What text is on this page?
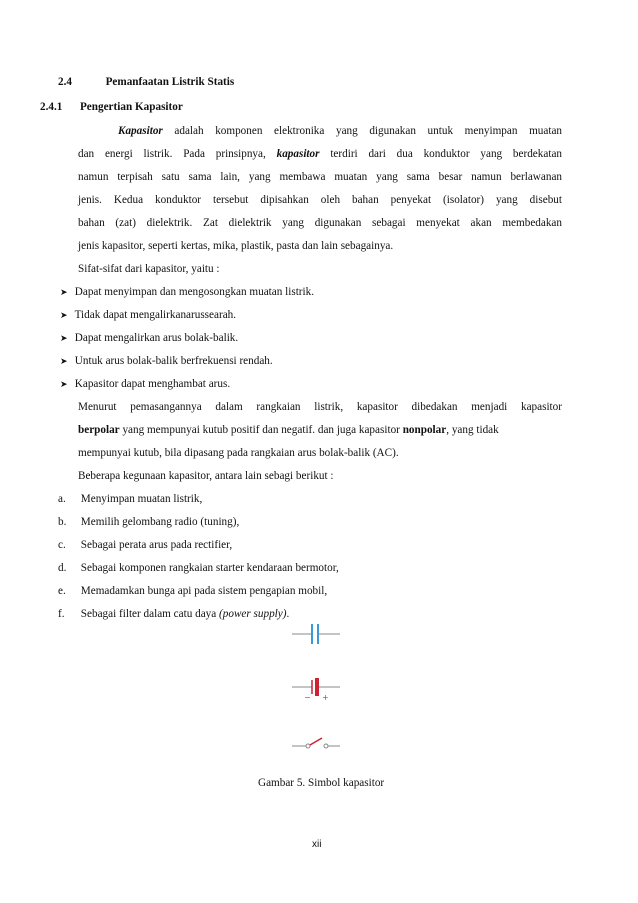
2.4	Pemanfaatan Listrik Statis
2.4.1 Pengertian Kapasitor
Kapasitor adalah komponen elektronika yang digunakan untuk menyimpan muatan
dan energi listrik. Pada prinsipnya, kapasitor terdiri dari dua konduktor yang berdekatan
namun terpisah satu sama lain, yang membawa muatan yang sama besar namun berlawanan
jenis. Kedua konduktor tersebut dipisahkan oleh bahan penyekat (isolator) yang disebut
bahan (zat) dielektrik. Zat dielektrik yang digunakan sebagai menyekat akan membedakan
jenis kapasitor, seperti kertas, mika, plastik, pasta dan lain sebagainya.
Sifat-sifat dari kapasitor, yaitu :
➤ Dapat menyimpan dan mengosongkan muatan listrik.
➤ Tidak dapat mengalirkanarussearah.
➤ Dapat mengalirkan arus bolak-balik.
➤ Untuk arus bolak-balik berfrekuensi rendah.
➤ Kapasitor dapat menghambat arus.
Menurut pemasangannya dalam rangkaian listrik, kapasitor dibedakan menjadi kapasitor
berpolar yang mempunyai kutub positif dan negatif. dan juga kapasitor nonpolar, yang tidak
mempunyai kutub, bila dipasang pada rangkaian arus bolak-balik (AC).
Beberapa kegunaan kapasitor, antara lain sebagi berikut :
a. Menyimpan muatan listrik,
b. Memilih gelombang radio (tuning),
c. Sebagai perata arus pada rectifier,
d. Sebagai komponen rangkaian starter kendaraan bermotor,
e. Memadamkan bunga api pada sistem pengapian mobil,
f. Sebagai filter dalam catu daya (power supply).
− +
Gambar 5. Simbol kapasitor
xii
